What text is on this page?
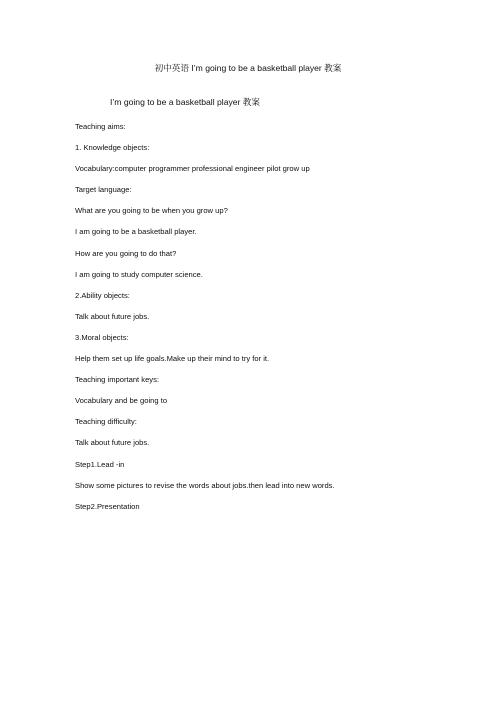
初中英语 I’m going to be a basketball player 教案
I’m going to be a basketball player 教案
Teaching aims:
1. Knowledge objects:
Vocabulary:computer programmer professional engineer pilot grow up
Target language:
What are you going to be when you grow up?
I am going to be a basketball player.
How are you going to do that?
I am going to study computer science.
2.Ability objects:
Talk about future jobs.
3.Moral objects:
Help them set up life goals.Make up their mind to try for it.
Teaching important keys:
Vocabulary and be going to
Teaching difficulty:
Talk about future jobs.
Step1.Lead -in
Show some pictures to revise the words about jobs.then lead into new words.
Step2.Presentation
